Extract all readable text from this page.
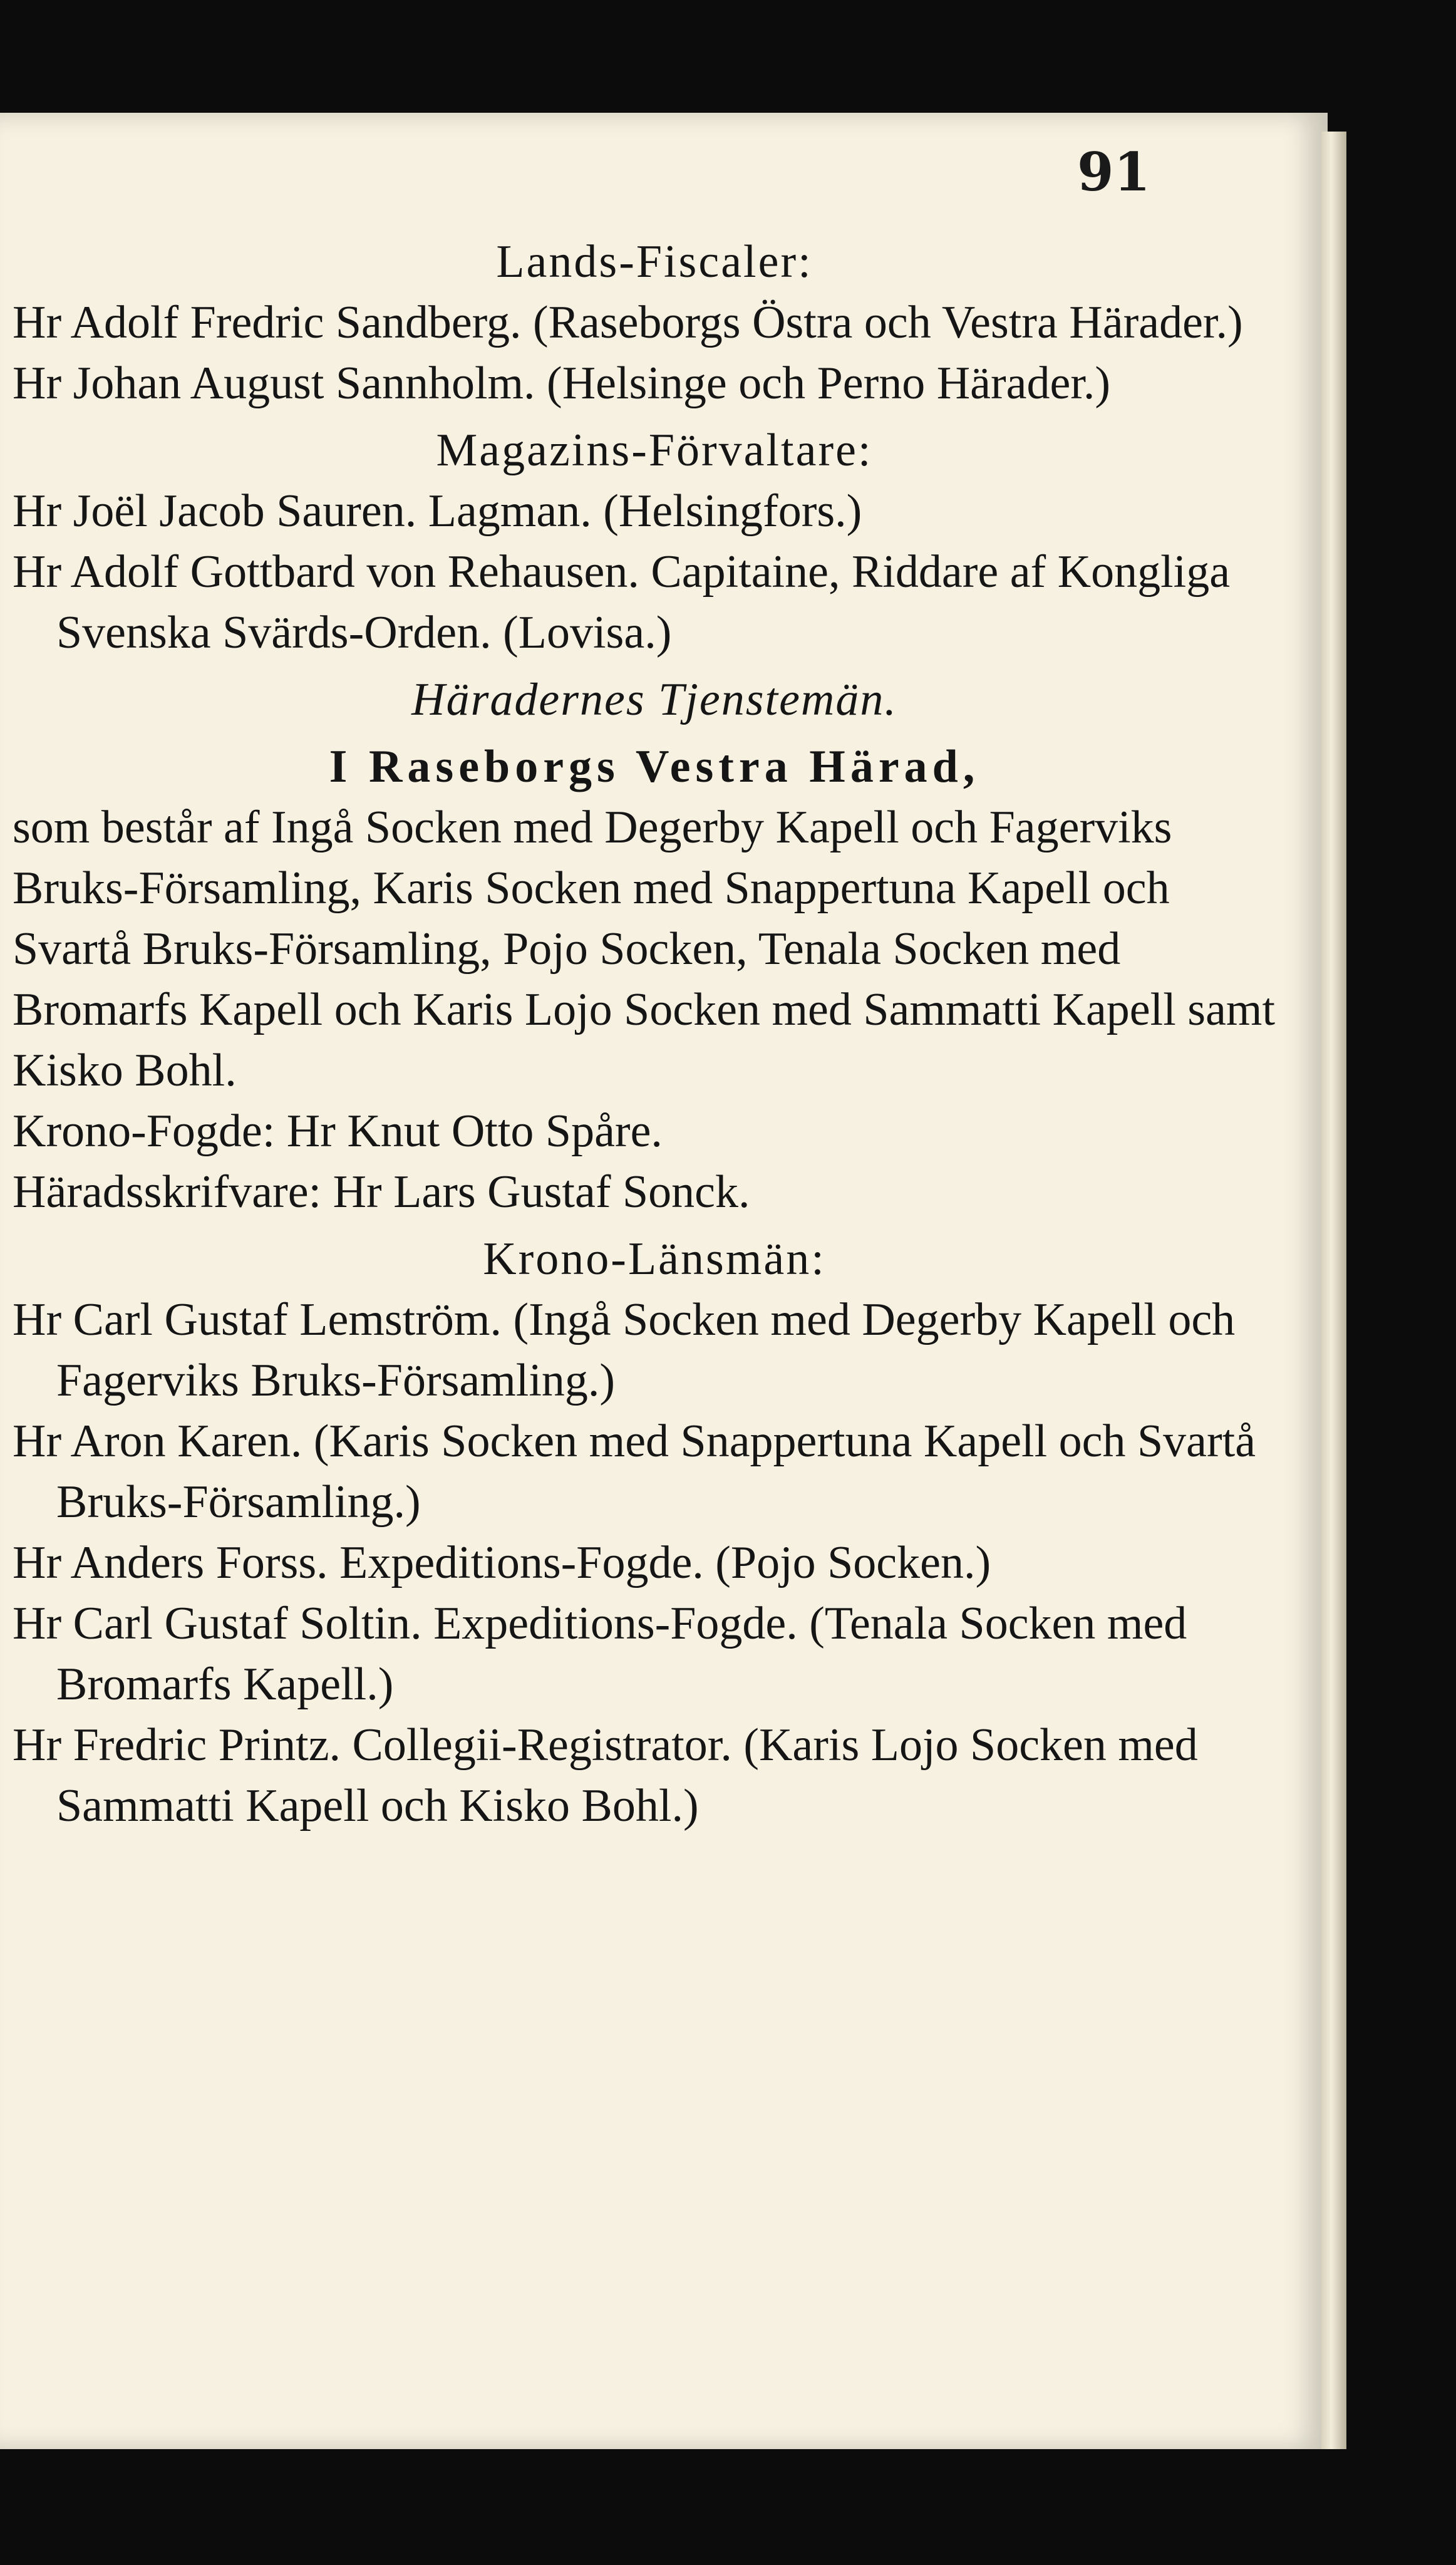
91
Lands-Fiscaler:
Hr Adolf Fredric Sandberg. (Raseborgs Östra och Vestra Härader.)
Hr Johan August Sannholm. (Helsinge och Perno Härader.)
Magazins-Förvaltare:
Hr Joël Jacob Sauren. Lagman. (Helsingfors.)
Hr Adolf Gottbard von Rehausen. Capitaine, Riddare af Kongliga Svenska Svärds-Orden. (Lovisa.)
Häradernes Tjenstemän.
I Raseborgs Vestra Härad,
som består af Ingå Socken med Degerby Kapell och Fagerviks Bruks-Församling, Karis Socken med Snappertuna Kapell och Svartå Bruks-Församling, Pojo Socken, Tenala Socken med Bromarfs Kapell och Karis Lojo Socken med Sammatti Kapell samt Kisko Bohl.
Krono-Fogde: Hr Knut Otto Spåre.
Häradsskrifvare: Hr Lars Gustaf Sonck.
Krono-Länsmän:
Hr Carl Gustaf Lemström. (Ingå Socken med Degerby Kapell och Fagerviks Bruks-Församling.)
Hr Aron Karen. (Karis Socken med Snappertuna Kapell och Svartå Bruks-Församling.)
Hr Anders Forss. Expeditions-Fogde. (Pojo Socken.)
Hr Carl Gustaf Soltin. Expeditions-Fogde. (Tenala Socken med Bromarfs Kapell.)
Hr Fredric Printz. Collegii-Registrator. (Karis Lojo Socken med Sammatti Kapell och Kisko Bohl.)
